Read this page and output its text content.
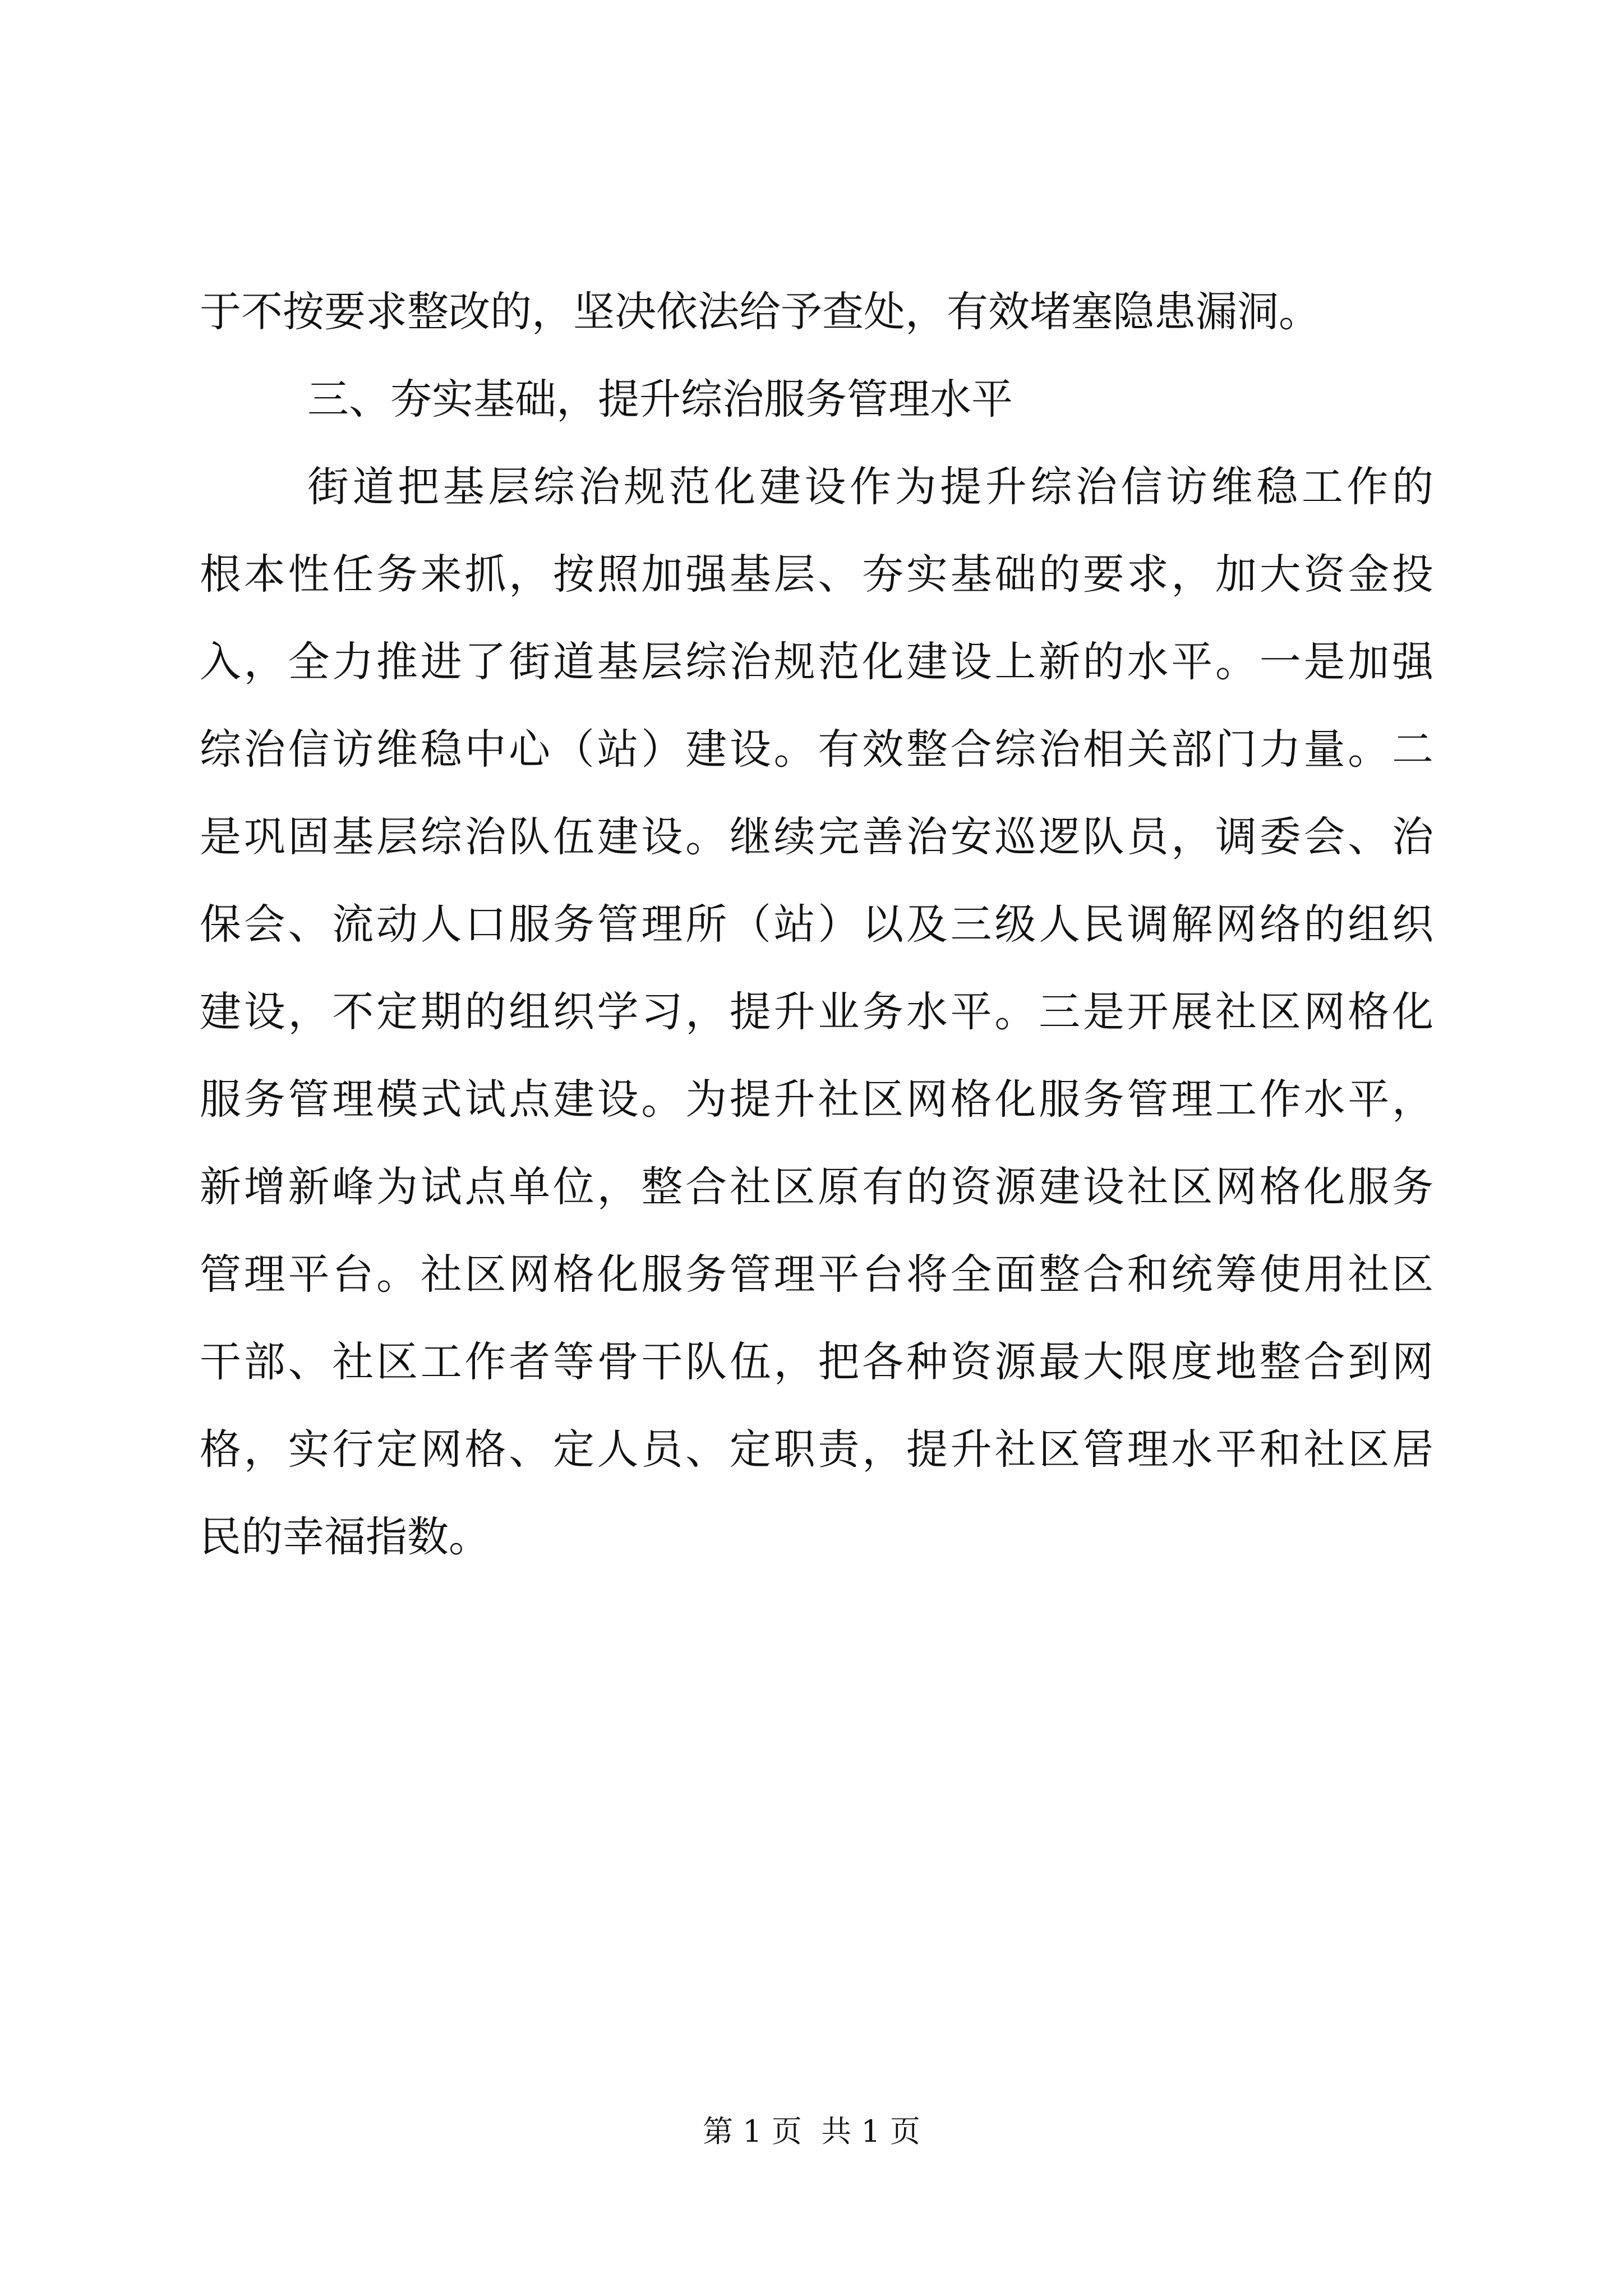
于不按要求整改的，坚决依法给予查处，有效堵塞隐患漏洞。

三、夯实基础，提升综治服务管理水平

街道把基层综治规范化建设作为提升综治信访维稳工作的

根本性任务来抓，按照加强基层、夯实基础的要求，加大资金投

入，全力推进了街道基层综治规范化建设上新的水平。一是加强

综治信访维稳中心（站）建设。有效整合综治相关部门力量。二

是巩固基层综治队伍建设。继续完善治安巡逻队员，调委会、治

保会、流动人口服务管理所（站）以及三级人民调解网络的组织

建设，不定期的组织学习，提升业务水平。三是开展社区网格化

服务管理模式试点建设。为提升社区网格化服务管理工作水平，

新增新峰为试点单位，整合社区原有的资源建设社区网格化服务

管理平台。社区网格化服务管理平台将全面整合和统筹使用社区

干部、社区工作者等骨干队伍，把各种资源最大限度地整合到网

格，实行定网格、定人员、定职责，提升社区管理水平和社区居

民的幸福指数。

第 1 页  共 1 页
